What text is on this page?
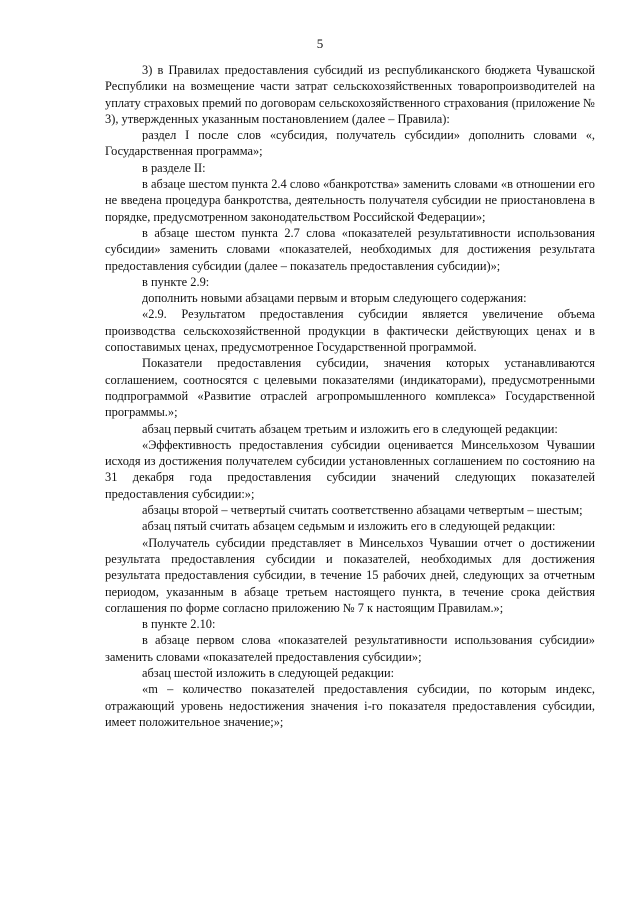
5

3) в Правилах предоставления субсидий из республиканского бюджета Чувашской Республики на возмещение части затрат сельскохозяйственных товаропроизводителей на уплату страховых премий по договорам сельскохозяйственного страхования (приложение № 3), утвержденных указанным постановлением (далее – Правила):

раздел I после слов «субсидия, получатель субсидии» дополнить словами «, Государственная программа»;

в разделе II:

в абзаце шестом пункта 2.4 слово «банкротства» заменить словами «в отношении его не введена процедура банкротства, деятельность получателя субсидии не приостановлена в порядке, предусмотренном законодательством Российской Федерации»;

в абзаце шестом пункта 2.7 слова «показателей результативности использования субсидии» заменить словами «показателей, необходимых для достижения результата предоставления субсидии (далее – показатель предоставления субсидии)»;

в пункте 2.9:

дополнить новыми абзацами первым и вторым следующего содержания:

«2.9. Результатом предоставления субсидии является увеличение объема производства сельскохозяйственной продукции в фактически действующих ценах и в сопоставимых ценах, предусмотренное Государственной программой.

Показатели предоставления субсидии, значения которых устанавливаются соглашением, соотносятся с целевыми показателями (индикаторами), предусмотренными подпрограммой «Развитие отраслей агропромышленного комплекса» Государственной программы.»;

абзац первый считать абзацем третьим и изложить его в следующей редакции:

«Эффективность предоставления субсидии оценивается Минсельхозом Чувашии исходя из достижения получателем субсидии установленных соглашением по состоянию на 31 декабря года предоставления субсидии значений следующих показателей предоставления субсидии:»;

абзацы второй – четвертый считать соответственно абзацами четвертым – шестым;

абзац пятый считать абзацем седьмым и изложить его в следующей редакции:

«Получатель субсидии представляет в Минсельхоз Чувашии отчет о достижении результата предоставления субсидии и показателей, необходимых для достижения результата предоставления субсидии, в течение 15 рабочих дней, следующих за отчетным периодом, указанным в абзаце третьем настоящего пункта, в течение срока действия соглашения по форме согласно приложению № 7 к настоящим Правилам.»;

в пункте 2.10:

в абзаце первом слова «показателей результативности использования субсидии» заменить словами «показателей предоставления субсидии»;

абзац шестой изложить в следующей редакции:

«m – количество показателей предоставления субсидии, по которым индекс, отражающий уровень недостижения значения i-го показателя предоставления субсидии, имеет положительное значение;»;
